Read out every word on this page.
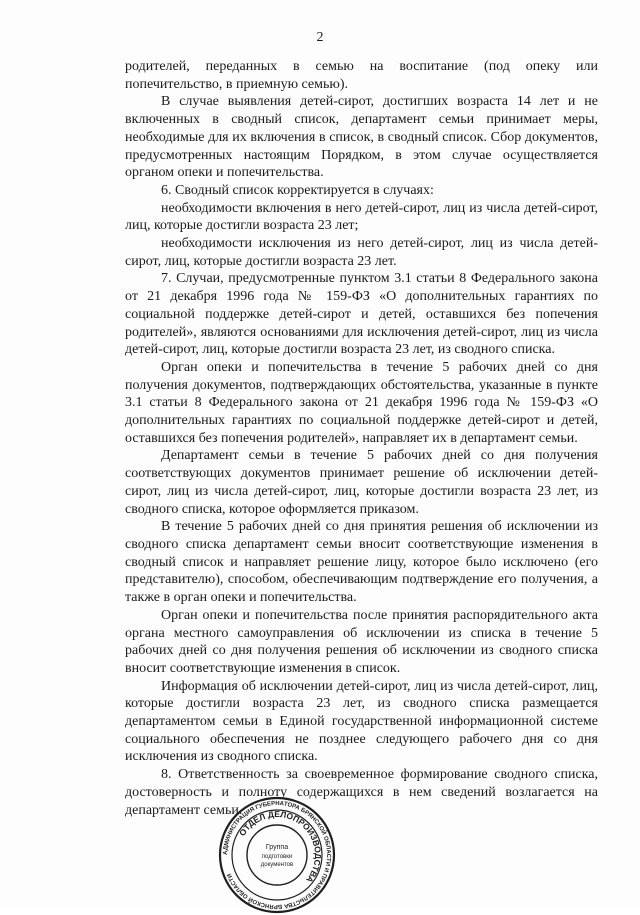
2

родителей, переданных в семью на воспитание (под опеку или попечительство, в приемную семью).

В случае выявления детей-сирот, достигших возраста 14 лет и не включенных в сводный список, департамент семьи принимает меры, необходимые для их включения в список, в сводный список. Сбор документов, предусмотренных настоящим Порядком, в этом случае осуществляется органом опеки и попечительства.

6. Сводный список корректируется в случаях:

необходимости включения в него детей-сирот, лиц из числа детей-сирот, лиц, которые достигли возраста 23 лет;

необходимости исключения из него детей-сирот, лиц из числа детей-сирот, лиц, которые достигли возраста 23 лет.

7. Случаи, предусмотренные пунктом 3.1 статьи 8 Федерального закона от 21 декабря 1996 года № 159-ФЗ «О дополнительных гарантиях по социальной поддержке детей-сирот и детей, оставшихся без попечения родителей», являются основаниями для исключения детей-сирот, лиц из числа детей-сирот, лиц, которые достигли возраста 23 лет, из сводного списка.

Орган опеки и попечительства в течение 5 рабочих дней со дня получения документов, подтверждающих обстоятельства, указанные в пункте 3.1 статьи 8 Федерального закона от 21 декабря 1996 года № 159-ФЗ «О дополнительных гарантиях по социальной поддержке детей-сирот и детей, оставшихся без попечения родителей», направляет их в департамент семьи.

Департамент семьи в течение 5 рабочих дней со дня получения соответствующих документов принимает решение об исключении детей-сирот, лиц из числа детей-сирот, лиц, которые достигли возраста 23 лет, из сводного списка, которое оформляется приказом.

В течение 5 рабочих дней со дня принятия решения об исключении из сводного списка департамент семьи вносит соответствующие изменения в сводный список и направляет решение лицу, которое было исключено (его представителю), способом, обеспечивающим подтверждение его получения, а также в орган опеки и попечительства.

Орган опеки и попечительства после принятия распорядительного акта органа местного самоуправления об исключении из списка в течение 5 рабочих дней со дня получения решения об исключении из сводного списка вносит соответствующие изменения в список.

Информация об исключении детей-сирот, лиц из числа детей-сирот, лиц, которые достигли возраста 23 лет, из сводного списка размещается департаментом семьи в Единой государственной информационной системе социального обеспечения не позднее следующего рабочего дня со дня исключения из сводного списка.

8. Ответственность за своевременное формирование сводного списка, достоверность и полноту содержащихся в нем сведений возлагается на департамент семьи.

АДМИНИСТРАЦИЯ ГУБЕРНАТОРА БРЯНСКОЙ ОБЛАСТИ И ПРАВИТЕЛЬСТВА БРЯНСКОЙ ОБЛАСТИ
ОТДЕЛ ДЕЛОПРОИЗВОДСТВА
Группа
подготовки
документов
